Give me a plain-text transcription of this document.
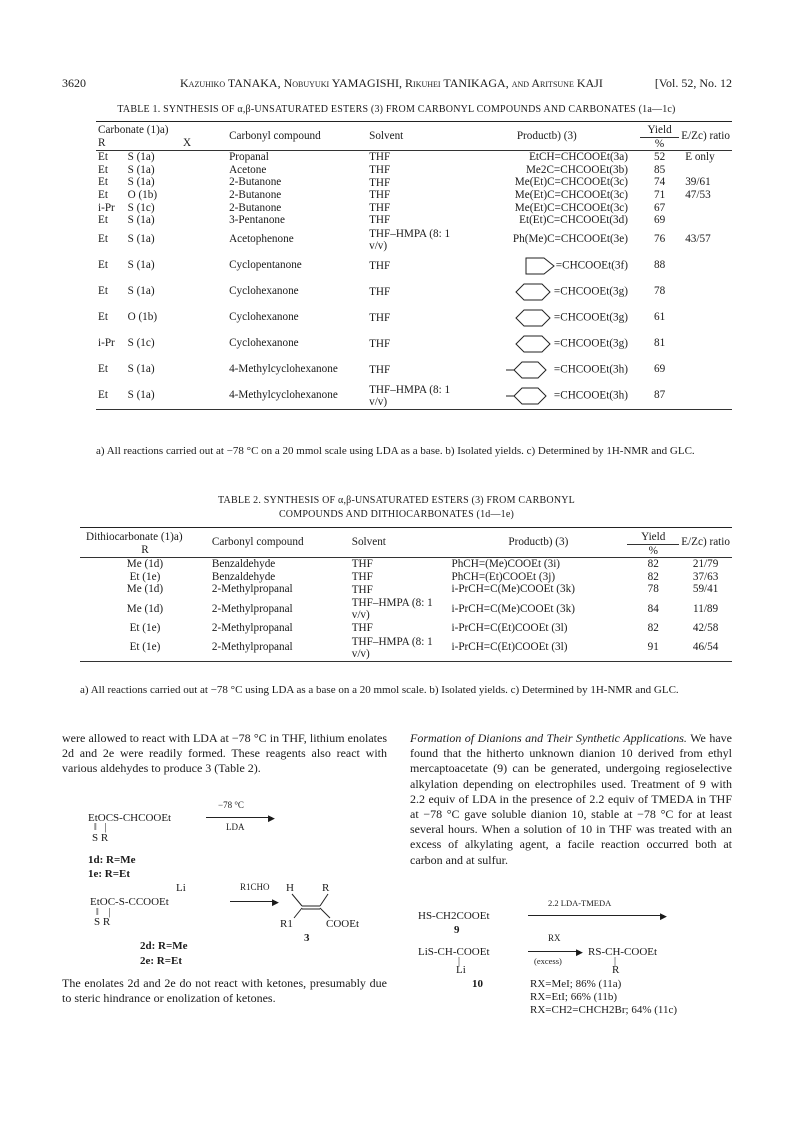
3620	Kazuhiko TANAKA, Nobuyuki YAMAGISHI, Rikuhei TANIKAGA, and Aritsune KAJI	[Vol. 52, No. 12
TABLE 1. SYNTHESIS OF α,β-UNSATURATED ESTERS (3) FROM CARBONYL COMPOUNDS AND CARBONATES (1a—1c)
Carbonate (1)a)		Carbonyl compound	Solvent	Productb) (3)	Yield	E/Zc) ratio
R	X				%	
Et	S (1a)	Propanal	THF	EtCH=CHCOOEt(3a)	52	E only
Et	S (1a)	Acetone	THF	Me2C=CHCOOEt(3b)	85	
Et	S (1a)	2-Butanone	THF	Me(Et)C=CHCOOEt(3c)	74	39/61
Et	O (1b)	2-Butanone	THF	Me(Et)C=CHCOOEt(3c)	71	47/53
i-Pr	S (1c)	2-Butanone	THF	Me(Et)C=CHCOOEt(3c)	67	
Et	S (1a)	3-Pentanone	THF	Et(Et)C=CHCOOEt(3d)	69	
Et	S (1a)	Acetophenone	THF–HMPA (8: 1 v/v)	Ph(Me)C=CHCOOEt(3e)	76	43/57
Et	S (1a)	Cyclopentanone	THF	=CHCOOEt(3f)	88	
Et	S (1a)	Cyclohexanone	THF	=CHCOOEt(3g)	78	
Et	O (1b)	Cyclohexanone	THF	=CHCOOEt(3g)	61	
i-Pr	S (1c)	Cyclohexanone	THF	=CHCOOEt(3g)	81	
Et	S (1a)	4-Methylcyclohexanone	THF	=CHCOOEt(3h)	69	
Et	S (1a)	4-Methylcyclohexanone	THF–HMPA (8: 1 v/v)	=CHCOOEt(3h)	87	

a) All reactions carried out at −78 °C on a 20 mmol scale using LDA as a base. b) Isolated yields. c) Determined by 1H-NMR and GLC.
TABLE 2. SYNTHESIS OF α,β-UNSATURATED ESTERS (3) FROM CARBONYL
COMPOUNDS AND DITHIOCARBONATES (1d—1e)
Dithiocarbonate (1)a)	Carbonyl compound	Solvent	Productb) (3)	Yield	E/Zc) ratio
R				%	
Me (1d)	Benzaldehyde	THF	PhCH=(Me)COOEt (3i)	82	21/79
Et (1e)	Benzaldehyde	THF	PhCH=(Et)COOEt (3j)	82	37/63
Me (1d)	2-Methylpropanal	THF	i-PrCH=C(Me)COOEt (3k)	78	59/41
Me (1d)	2-Methylpropanal	THF–HMPA (8: 1 v/v)	i-PrCH=C(Me)COOEt (3k)	84	11/89
Et (1e)	2-Methylpropanal	THF	i-PrCH=C(Et)COOEt (3l)	82	42/58
Et (1e)	2-Methylpropanal	THF–HMPA (8: 1 v/v)	i-PrCH=C(Et)COOEt (3l)	91	46/54

a) All reactions carried out at −78 °C using LDA as a base on a 20 mmol scale. b) Isolated yields. c) Determined by 1H-NMR and GLC.
were allowed to react with LDA at −78 °C in THF, lithium enolates 2d and 2e were readily formed. These reagents also react with various aldehydes to produce 3 (Table 2).
EtOCS-CHCOOEt
‖   |
S R
−78 °C
▶
LDA
1d: R=Me
1e: R=Et
Li
EtOC-S-CCOOEt
‖    |
S R
R1CHO
▶
H	R
R1	COOEt
3
2d: R=Me
2e: R=Et
The enolates 2d and 2e do not react with ketones, presumably due to steric hindrance or enolization of ketones.
Formation of Dianions and Their Synthetic Applications. We have found that the hitherto unknown dianion 10 derived from ethyl mercaptoacetate (9) can be generated, undergoing regioselective alkylation depending on electrophiles used. Treatment of 9 with 2.2 equiv of LDA in the presence of 2.2 equiv of TMEDA in THF at −78 °C gave soluble dianion 10, stable at −78 °C for at least several hours. When a solution of 10 in THF was treated with an excess of alkylating agent, a facile reaction occurred both at carbon and at sulfur.
HS-CH2COOEt
2.2 LDA-TMEDA
▶
9
LiS-CH-COOEt
|
Li
RX
▶
(excess)
RS-CH-COOEt
|
R
10	RX=MeI; 86% (11a)
RX=EtI; 66% (11b)
RX=CH2=CHCH2Br; 64% (11c)
